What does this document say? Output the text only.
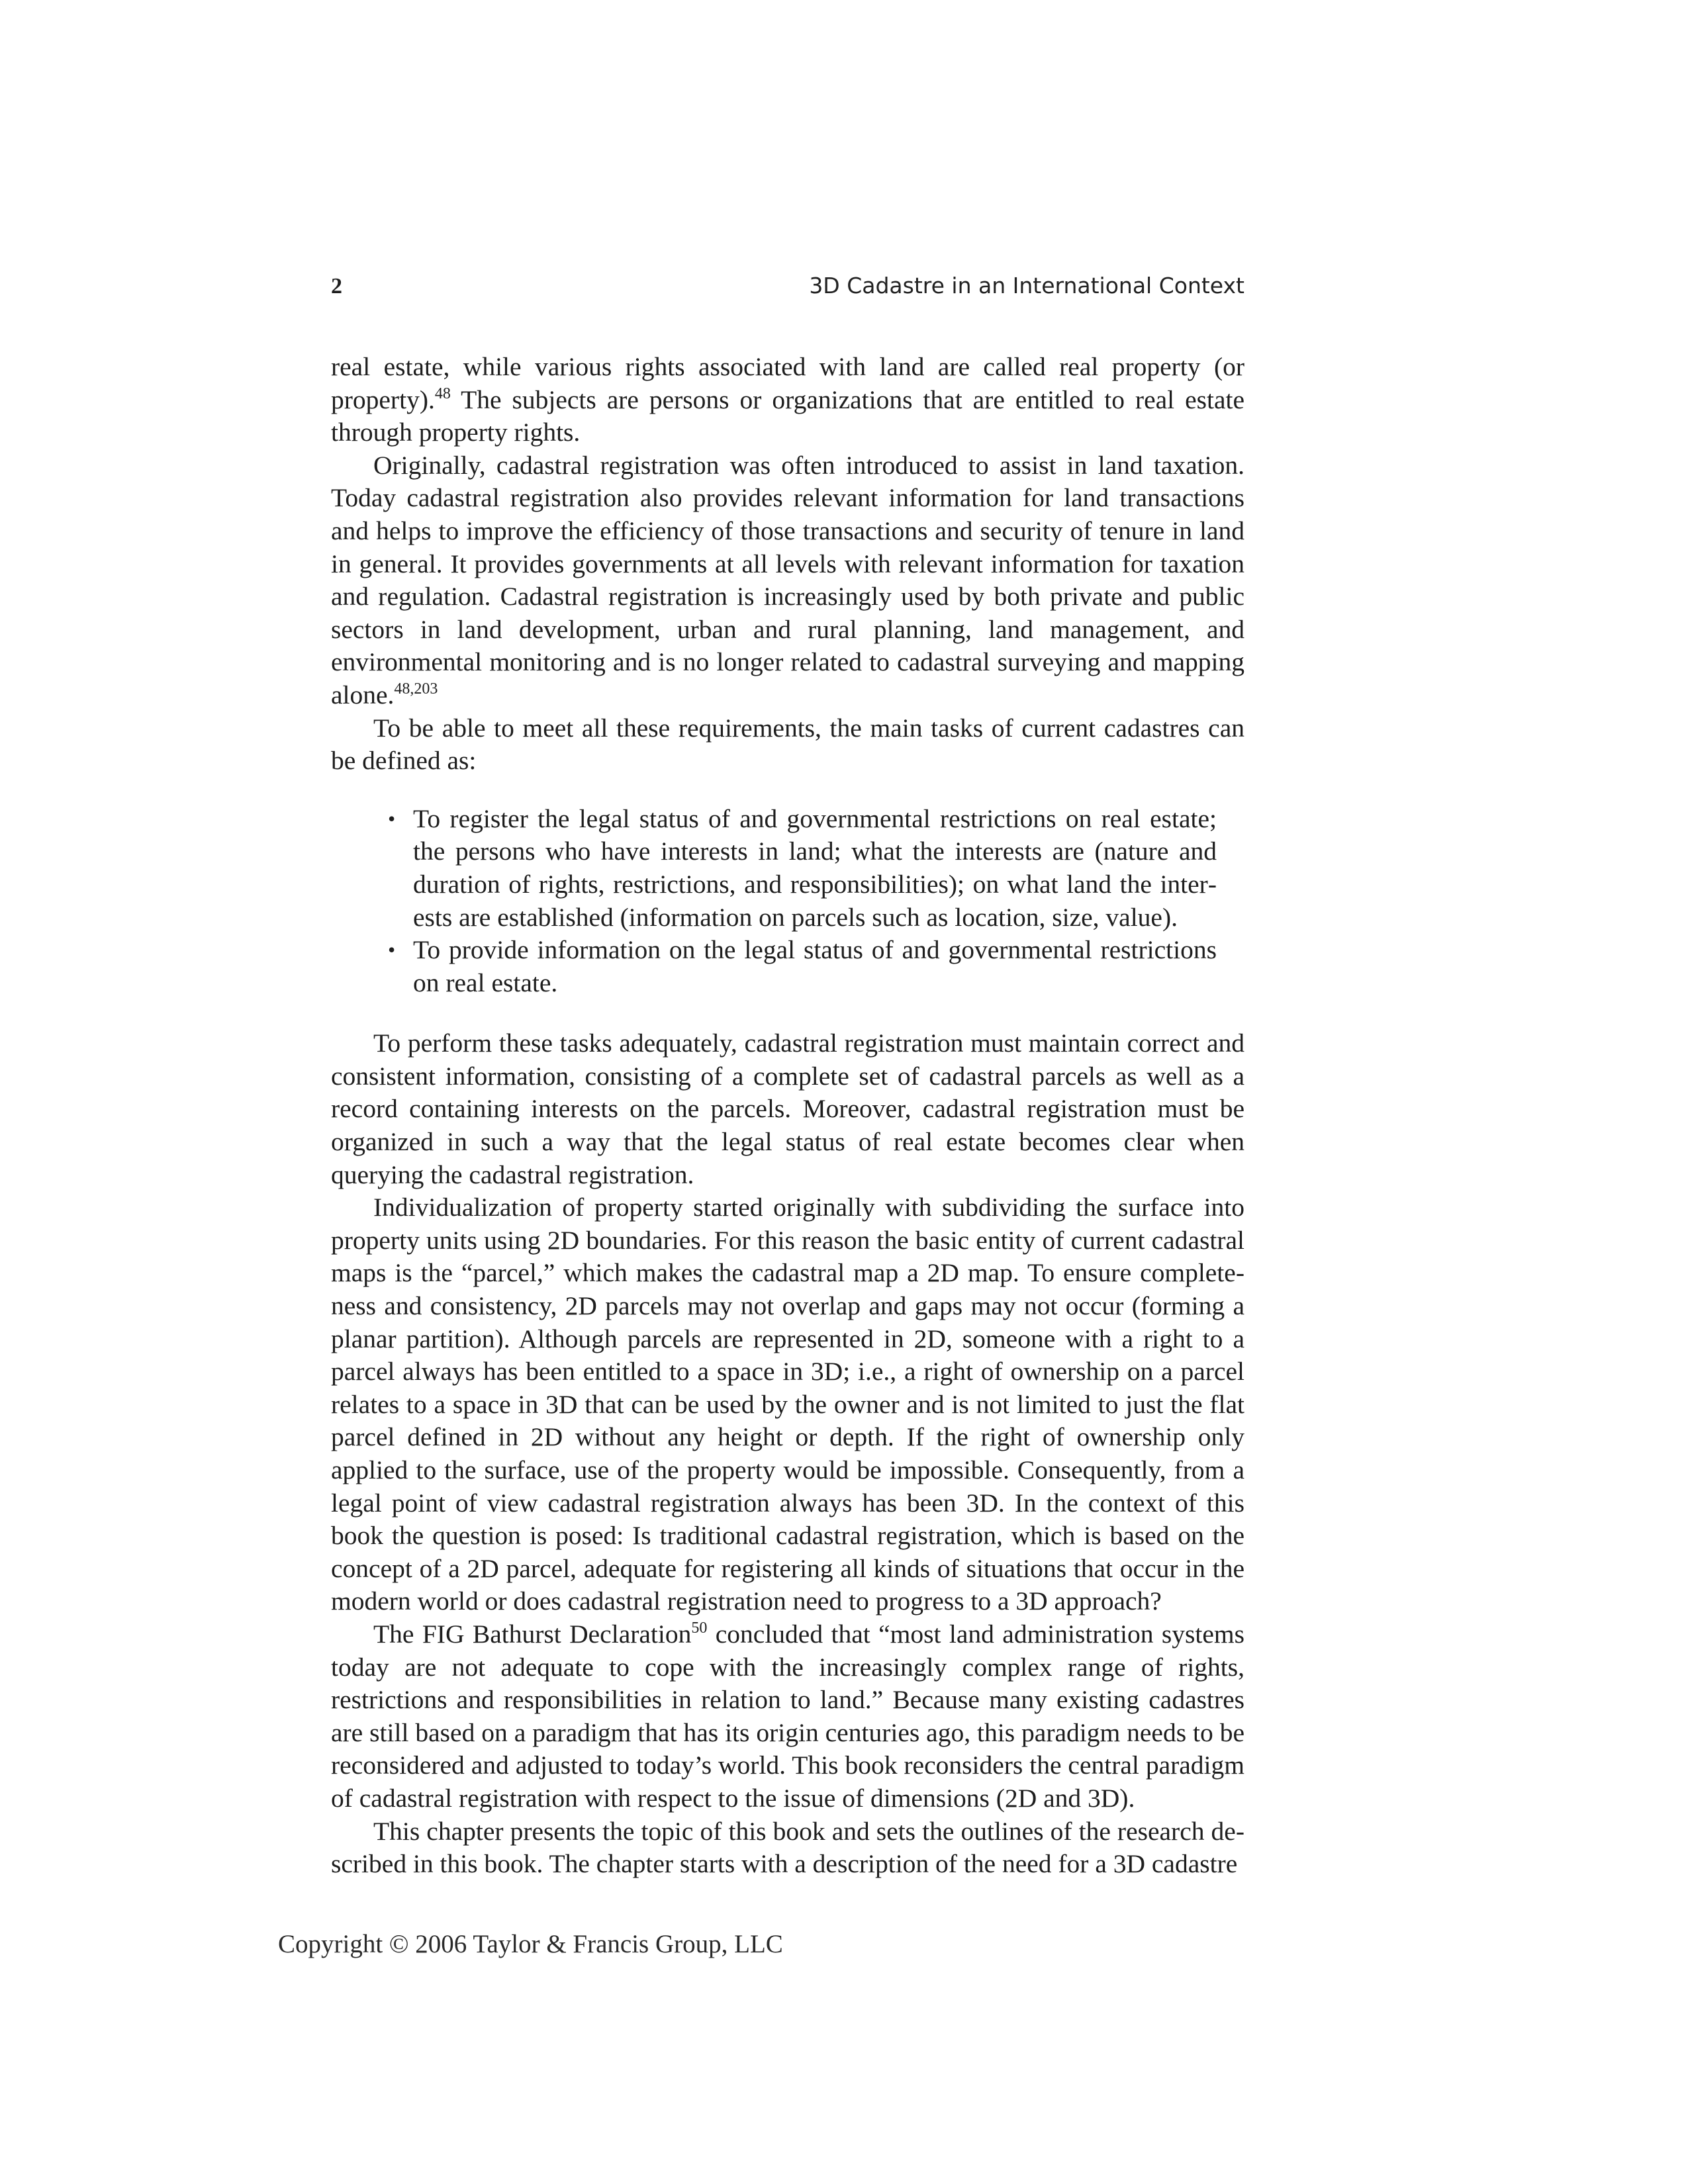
2	3D Cadastre in an International Context

real estate, while various rights associated with land are called real property (or property).$^{48}$ The subjects are persons or organizations that are entitled to real estate through property rights.

Originally, cadastral registration was often introduced to assist in land taxation. Today cadastral registration also provides relevant information for land transactions and helps to improve the efficiency of those transactions and security of tenure in land in general. It provides governments at all levels with relevant information for taxation and regulation. Cadastral registration is increasingly used by both private and public sectors in land development, urban and rural planning, land management, and environmental monitoring and is no longer related to cadastral surveying and mapping alone.$^{48,203}$

To be able to meet all these requirements, the main tasks of current cadastres can be defined as:

• To register the legal status of and governmental restrictions on real estate; the persons who have interests in land; what the interests are (nature and duration of rights, restrictions, and responsibilities); on what land the interests are established (information on parcels such as location, size, value).
• To provide information on the legal status of and governmental restrictions on real estate.

To perform these tasks adequately, cadastral registration must maintain correct and consistent information, consisting of a complete set of cadastral parcels as well as a record containing interests on the parcels. Moreover, cadastral registration must be organized in such a way that the legal status of real estate becomes clear when querying the cadastral registration.

Individualization of property started originally with subdividing the surface into property units using 2D boundaries. For this reason the basic entity of current cadastral maps is the “parcel,” which makes the cadastral map a 2D map. To ensure completeness and consistency, 2D parcels may not overlap and gaps may not occur (forming a planar partition). Although parcels are represented in 2D, someone with a right to a parcel always has been entitled to a space in 3D; i.e., a right of ownership on a parcel relates to a space in 3D that can be used by the owner and is not limited to just the flat parcel defined in 2D without any height or depth. If the right of ownership only applied to the surface, use of the property would be impossible. Consequently, from a legal point of view cadastral registration always has been 3D. In the context of this book the question is posed: Is traditional cadastral registration, which is based on the concept of a 2D parcel, adequate for registering all kinds of situations that occur in the modern world or does cadastral registration need to progress to a 3D approach?

The FIG Bathurst Declaration$^{50}$ concluded that “most land administration systems today are not adequate to cope with the increasingly complex range of rights, restrictions and responsibilities in relation to land.” Because many existing cadastres are still based on a paradigm that has its origin centuries ago, this paradigm needs to be reconsidered and adjusted to today’s world. This book reconsiders the central paradigm of cadastral registration with respect to the issue of dimensions (2D and 3D).

This chapter presents the topic of this book and sets the outlines of the research described in this book. The chapter starts with a description of the need for a 3D cadastre

Copyright © 2006 Taylor & Francis Group, LLC
